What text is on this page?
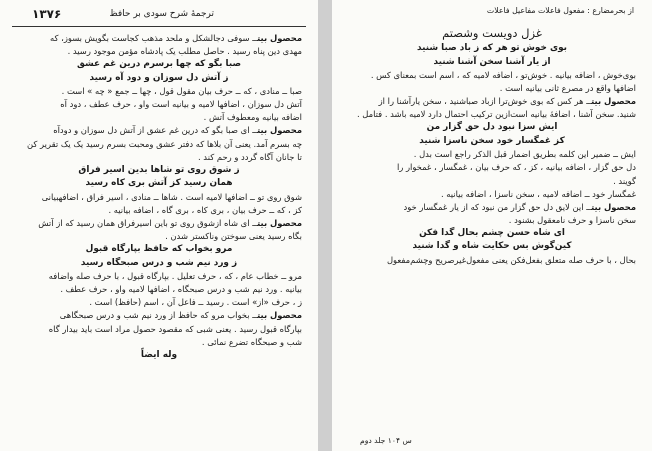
ترجمهٔ شرح سودی بر حافظ
۱۳۷۶

محصول بیتــ سوفی دجالشکل و ملحد مذهب کجاست بگویش بسوز، که

مهدی دین پناه رسید . حاصل مطلب یک پادشاه مؤمن موجود رسید .

صبا بگو که چها برسرم درین غم عشق

ز آتش دل سوزان و دود آه رسید

صبا ــ منادی ، که ــ حرف بیان مقول قول ، چها ــ جمع « چه » است .

آتش دل سوزان ، اضافها لامیه و بیانیه است واو ، حرف عطف ، دود آه

اضافه بیانیه ومعطوف آتش .

محصول بیتــ ای صبا بگو که درین غم عشق از آتش دل سوزان و دودآه

چه بسرم آمد. یعنی آن بلاها که دفتر عشق ومحبت بسرم رسید یک یک تقریر کن

تا جانان آگاه گردد و رحم کند .

ز شوق روی تو شاها بدین اسیر فراق

همان رسید کز آتش بری کاه رسید

شوق روی تو ــ اضافها لامیه است . شاها ــ منادی ، اسیر فراق ، اضافهبیانی

کز ، که ــ حرف بیان ، بری کاه ، بری گاه ، اضافه بیانیه .

محصول بیتــ ای شاه ازشوق روی تو باین اسیرفراق همان رسید که از آتش

بگاه رسید یعنی سوختن وناکستر شدن .

مرو بخواب که حافظ بپارگاه قبول

ز ورد نیم شب و درس صبحگاه رسید

مرو ــ خطاب عام ، که ، حرف تعلیل . بپارگاه قبول ، با حرف صله واضافه

بیانیه . ورد نیم شب و درس صبحگاه ، اضافها لامیه واو ، حرف عطف .

ز ، حرف «از» است . رسید ــ فاعل آن ، اسم (حافظ) است .

محصول بیتــ بخواب مرو که حافظ از ورد نیم شب و درس صبحگاهی

بپارگاه قبول رسید . یعنی شبی که مقصود حصول مراد است باید بیدار گاه

شب و صبحگاه تضرع نمائی .

وله ایضاً

از بحرمضارع : مفعول فاعلات مفاعیل فاعلات

غزل دویست وشصتم

بوی خوش تو هر که ز باد صبا شنید

از یار آشنا سخن آشنا شنید

بوی‌خوش ، اضافه بیانیه . خوش‌تو ، اضافه لامیه که ، اسم است بمعنای کس .

اضافها واقع در مصرع ثانی بیانیه است .

محصول بیتــ هر کس که بوی خوش‌ترا ازباد صباشنید ، سخن یارآشنا را از

شنید. سخن آشنا ، اضافهٔ بیانیه است‌ازین ترکیب احتمال دارد لامیه باشد . فتامل .

ایش سزا نبود دل حق گزار من

کز غمگسار خود سخن ناسزا شنید

ایش ــ ضمیر این کلمه بطریق اضمار قبل الذکر راجع است بدل .

دل حق گزار ، اضافه بیانیه ، کز ، که حرف بیان ، غمگسار ، غمخوار را

گویند .

غمگسار خود ــ اضافه لامیه ، سخن ناسزا ، اضافه بیانیه .

محصول بیتــ این لایق دل حق گزار من نبود که از یار غمگسار خود

سخن ناسزا و حرف نامعقول بشنود .

ای شاه حسن چشم بحال گدا فکن

کین‌گوش بس حکایت شاه و گدا شنید

بحال ، با حرف صله متعلق بفعل‌فکن یعنی مفعول‌غیرصریح وچشم‌مفعول

س ۱۰۴ جلد دوم
